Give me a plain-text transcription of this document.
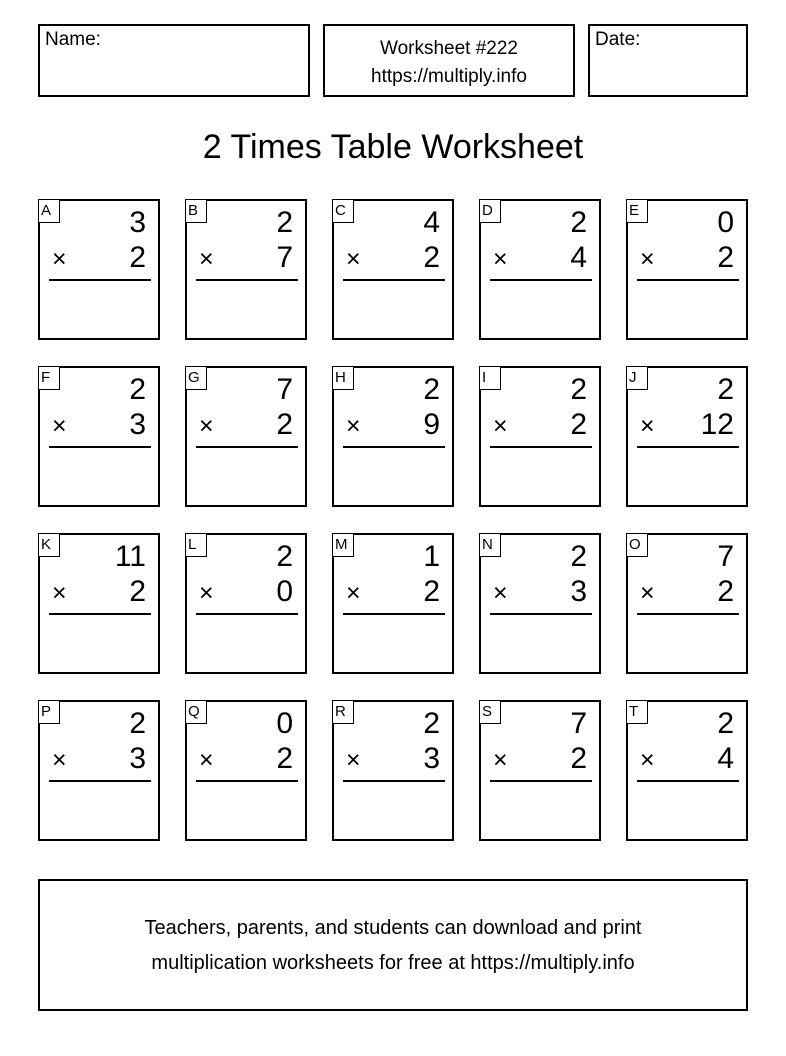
Name:	Worksheet #222
https://multiply.info
Date:
2 Times Table Worksheet
A	3
× 2
B	2
× 7
C	4
× 2
D	2
× 4
E	0
× 2
F	2
× 3
G	7
× 2
H	2
× 9
I	2
× 2
J	2
× 12
K 11
× 2
L	2
× 0
M	1
× 2
N	2
× 3
O	7
× 2
P	2
× 3
Q	0
× 2
R	2
× 3
S	7
× 2
T	2
× 4
Teachers, parents, and students can download and print
multiplication worksheets for free at https://multiply.info
